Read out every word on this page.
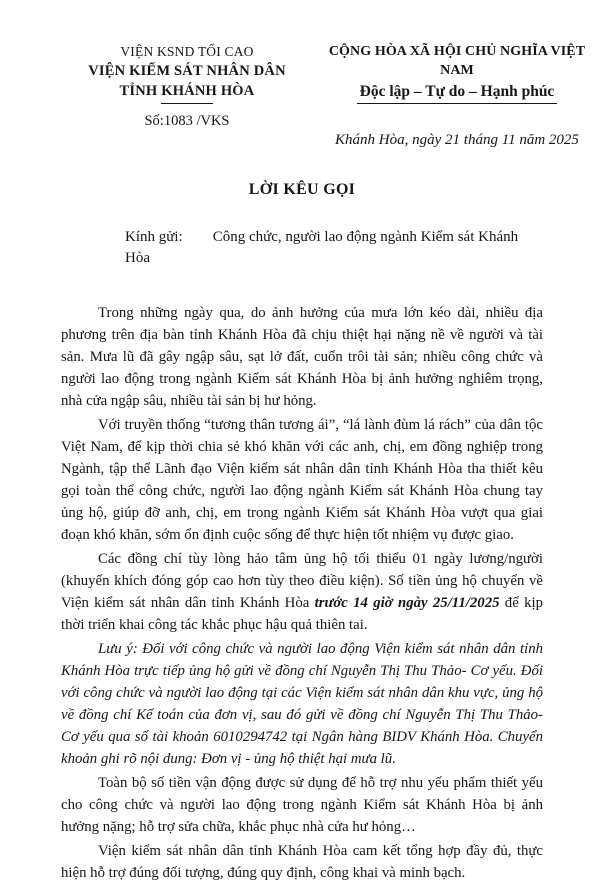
VIỆN KSND TỐI CAO
VIỆN KIỂM SÁT NHÂN DÂN
TỈNH KHÁNH HÒA
Số:1083 /VKS
CỘNG HÒA XÃ HỘI CHỦ NGHĨA VIỆT NAM
Độc lập – Tự do – Hạnh phúc
Khánh Hòa, ngày 21 tháng 11 năm 2025
LỜI KÊU GỌI
Kính gửi: Công chức, người lao động ngành Kiểm sát Khánh Hòa

Trong những ngày qua, do ảnh hưởng của mưa lớn kéo dài, nhiều địa phương trên địa bàn tỉnh Khánh Hòa đã chịu thiệt hại nặng nề về người và tài sản. Mưa lũ đã gây ngập sâu, sạt lở đất, cuốn trôi tài sản; nhiều công chức và người lao động trong ngành Kiểm sát Khánh Hòa bị ảnh hưởng nghiêm trọng, nhà cửa ngập sâu, nhiều tài sản bị hư hỏng.

Với truyền thống “tương thân tương ái”, “lá lành đùm lá rách” của dân tộc Việt Nam, để kịp thời chia sẻ khó khăn với các anh, chị, em đồng nghiệp trong Ngành, tập thể Lãnh đạo Viện kiểm sát nhân dân tỉnh Khánh Hòa tha thiết kêu gọi toàn thể công chức, người lao động ngành Kiểm sát Khánh Hòa chung tay ủng hộ, giúp đỡ anh, chị, em trong ngành Kiểm sát Khánh Hòa vượt qua giai đoạn khó khăn, sớm ổn định cuộc sống để thực hiện tốt nhiệm vụ được giao.

Các đồng chí tùy lòng hảo tâm ủng hộ tối thiểu 01 ngày lương/người (khuyến khích đóng góp cao hơn tùy theo điều kiện). Số tiền ủng hộ chuyển về Viện kiểm sát nhân dân tỉnh Khánh Hòa trước 14 giờ ngày 25/11/2025 để kịp thời triển khai công tác khắc phục hậu quả thiên tai.

Lưu ý: Đối với công chức và người lao động Viện kiểm sát nhân dân tỉnh Khánh Hòa trực tiếp ủng hộ gửi về đồng chí Nguyễn Thị Thu Thảo- Cơ yếu. Đối với công chức và người lao động tại các Viện kiểm sát nhân dân khu vực, ủng hộ về đồng chí Kế toán của đơn vị, sau đó gửi về đồng chí Nguyễn Thị Thu Thảo- Cơ yếu qua số tài khoản 6010294742 tại Ngân hàng BIDV Khánh Hòa. Chuyển khoản ghi rõ nội dung: Đơn vị - ủng hộ thiệt hại mưa lũ.

Toàn bộ số tiền vận động được sử dụng để hỗ trợ nhu yếu phẩm thiết yếu cho công chức và người lao động trong ngành Kiểm sát Khánh Hòa bị ảnh hưởng nặng; hỗ trợ sửa chữa, khắc phục nhà cửa hư hỏng…

Viện kiểm sát nhân dân tỉnh Khánh Hòa cam kết tổng hợp đầy đủ, thực hiện hỗ trợ đúng đối tượng, đúng quy định, công khai và minh bạch.
